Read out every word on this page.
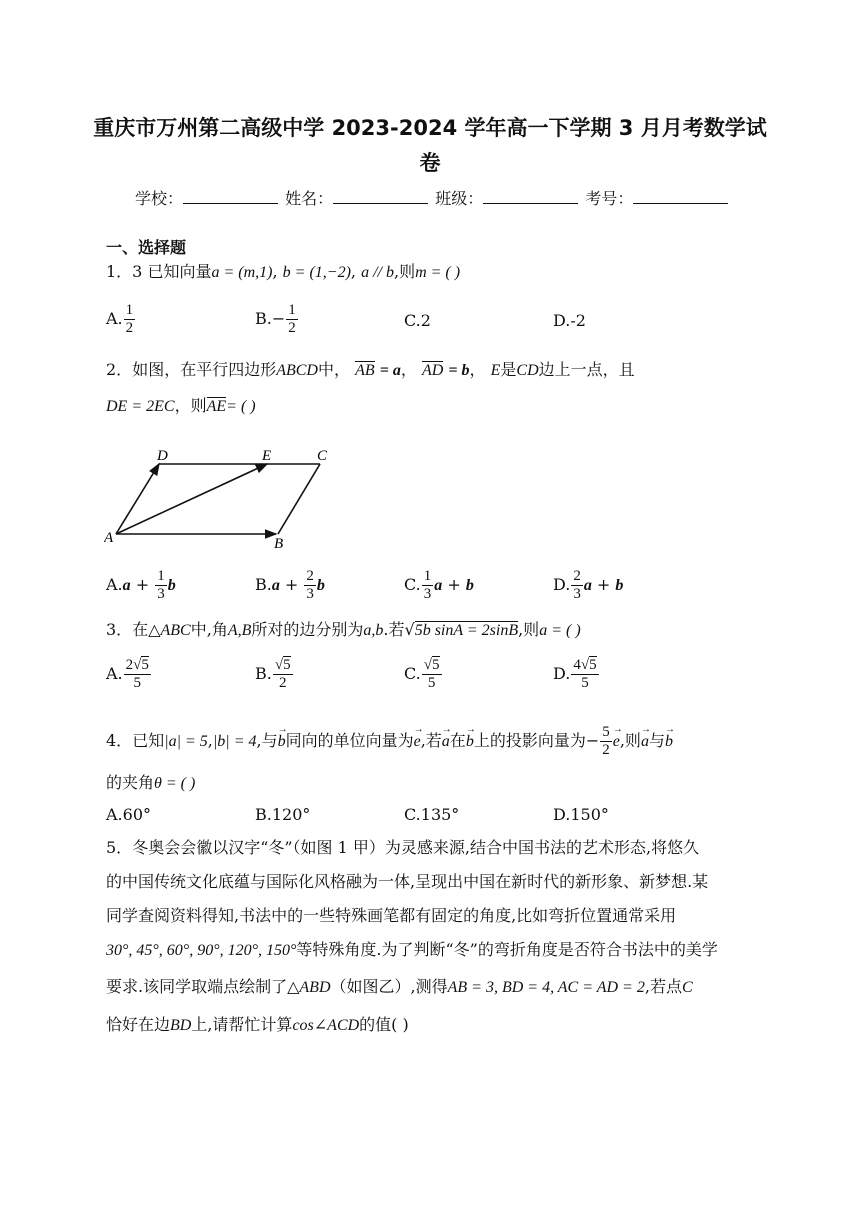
重庆市万州第二高级中学 2023-2024 学年高一下学期 3 月月考数学试
卷
学校：	姓名：	班级：	考号：
一、选择题
1．3 已知向量a = (m,1), b = (1,−2), a // b,则m = ( )
A. $\frac{1}{2}$	$B.- \frac{1}{2}$	C.2	D.-2
2．如图，在平行四边形ABCD中， AB = a， AD = b， E是CD边上一点，且
DE = 2EC，则AE= ( )
A	B
C
D	E
$A.a + \frac{1}{3}$ b	$B.a + \frac{2}{3}$ b	C. $\frac{1}{3}$ a + b	D. $\frac{2}{3}$ a + b
3．在△ABC中,角A,B所对的边分别为a,b.若√5b sinA = 2sinB,则a = ( )
A. $\frac{2√5}{5}$	B. $\frac{√5}{2}$	C. $\frac{√5}{5}$	D. $\frac{4√5}{5}$
4．已知|a| = 5,|b| = 4,与→ b同向的单位向量为→ e,若→ a在→ b上的投影向量为− $\frac{5}{2}$
→ e,则→ a与→ b
的夹角θ = ( )
A.60°	B.120°	C.135°	D.150°
5．冬奥会会徽以汉字“冬”（如图 1 甲）为灵感来源,结合中国书法的艺术形态,将悠久
的中国传统文化底蕴与国际化风格融为一体,呈现出中国在新时代的新形象、新梦想.某
同学查阅资料得知,书法中的一些特殊画笔都有固定的角度,比如弯折位置通常采用
30°, 45°, 60°, 90°, 120°, 150°等特殊角度.为了判断“冬”的弯折角度是否符合书法中的美学
要求.该同学取端点绘制了△ABD（如图乙）,测得AB = 3, BD = 4, AC = AD = 2,若点C
恰好在边BD上,请帮忙计算cos∠ACD的值( )
